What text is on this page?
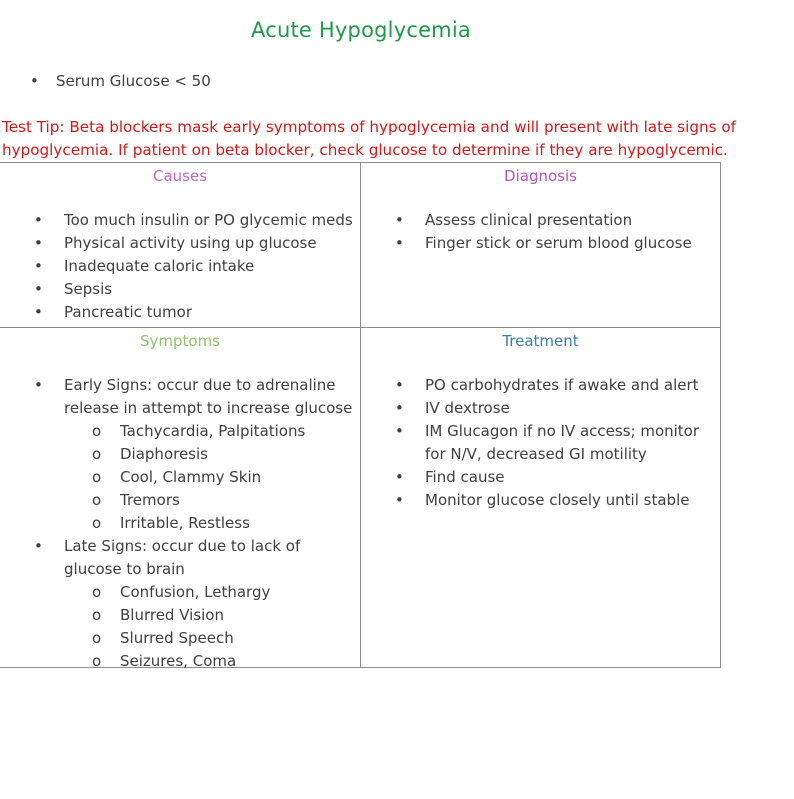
Acute Hypoglycemia
• Serum Glucose < 50
Test Tip: Beta blockers mask early symptoms of hypoglycemia and will present with late signs of hypoglycemia. If patient on beta blocker, check glucose to determine if they are hypoglycemic.
Causes
• Too much insulin or PO glycemic meds
• Physical activity using up glucose
• Inadequate caloric intake
• Sepsis
• Pancreatic tumor
Diagnosis
• Assess clinical presentation
• Finger stick or serum blood glucose
Symptoms
• Early Signs: occur due to adrenaline release in attempt to increase glucose
o Tachycardia, Palpitations
o Diaphoresis
o Cool, Clammy Skin
o Tremors
o Irritable, Restless
• Late Signs: occur due to lack of glucose to brain
o Confusion, Lethargy
o Blurred Vision
o Slurred Speech
o Seizures, Coma
Treatment
• PO carbohydrates if awake and alert
• IV dextrose
• IM Glucagon if no IV access; monitor for N/V, decreased GI motility
• Find cause
• Monitor glucose closely until stable
